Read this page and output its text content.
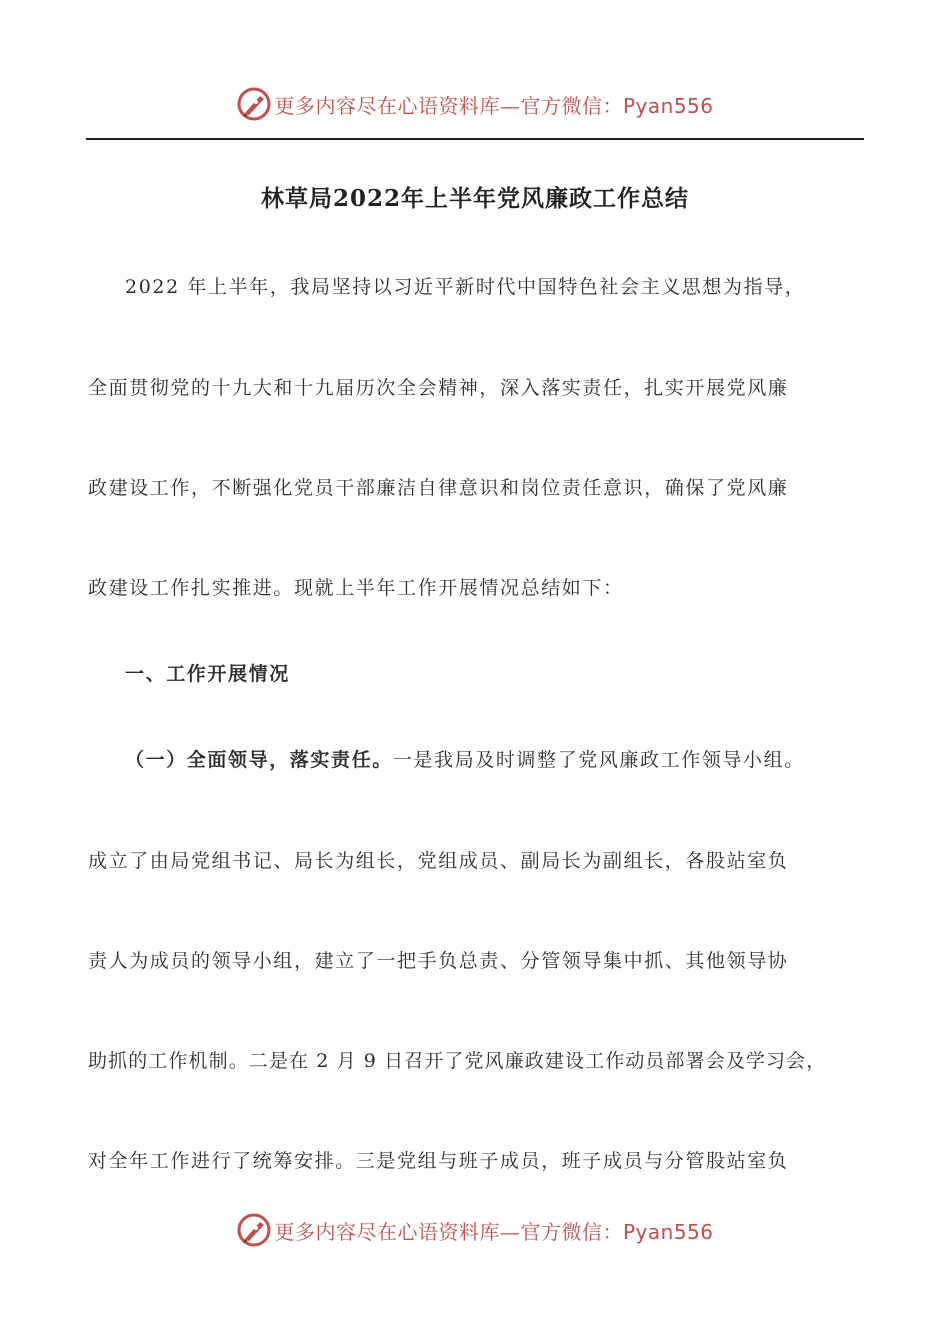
更多内容尽在心语资料库—官方微信：Pyan556
林草局2022年上半年党风廉政工作总结
2022 年上半年，我局坚持以习近平新时代中国特色社会主义思想为指导，
全面贯彻党的十九大和十九届历次全会精神，深入落实责任，扎实开展党风廉
政建设工作，不断强化党员干部廉洁自律意识和岗位责任意识，确保了党风廉
政建设工作扎实推进。现就上半年工作开展情况总结如下：
一、工作开展情况
（一）全面领导，落实责任。一是我局及时调整了党风廉政工作领导小组。
成立了由局党组书记、局长为组长，党组成员、副局长为副组长，各股站室负
责人为成员的领导小组，建立了一把手负总责、分管领导集中抓、其他领导协
助抓的工作机制。二是在 2 月 9 日召开了党风廉政建设工作动员部署会及学习会，
对全年工作进行了统筹安排。三是党组与班子成员，班子成员与分管股站室负
更多内容尽在心语资料库—官方微信：Pyan556
